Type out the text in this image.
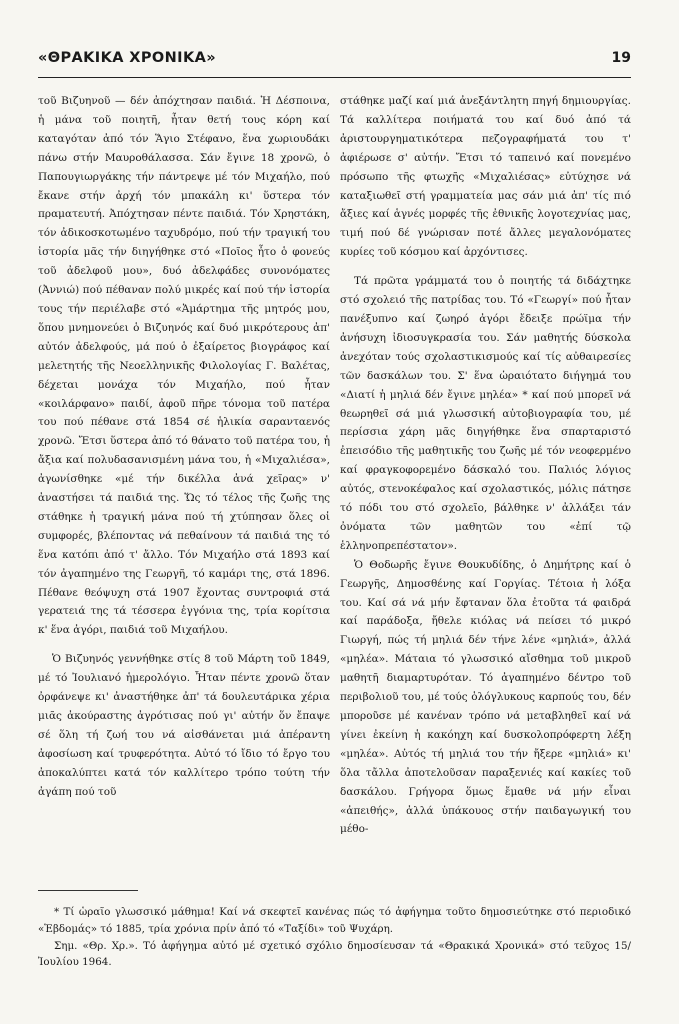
«ΘΡΑΚΙΚΑ ΧΡΟΝΙΚΑ»	19

τοῦ Βιζυηνοῦ — δέν ἀπόχτησαν παιδιά. Ἡ Δέσποινα, ἡ μάνα τοῦ ποιητῆ, ἦταν θετή τους κόρη καί καταγόταν ἀπό τόν Ἅγιο Στέφανο, ἕνα χωριουδάκι πάνω στήν Μαυροθάλασσα. Σάν ἔγινε 18 χρονῶ, ὁ Παπουγιωργάκης τήν πάντρεψε μέ τόν Μιχαήλο, πού ἔκανε στήν ἀρχή τόν μπακάλη κι' ὕστερα τόν πραματευτή. Ἀπόχτησαν πέντε παιδιά. Τόν Χρηστάκη, τόν ἀδικοσκοτωμένο ταχυδρόμο, πού τήν τραγική του ἱστορία μᾶς τήν διηγήθηκε στό «Ποῖος ἦτο ὁ φονεύς τοῦ ἀδελφοῦ μου», δυό ἀδελφάδες συνονόματες (Ἀννιώ) πού πέθαναν πολύ μικρές καί πού τήν ἱστορία τους τήν περιέλαβε στό «Ἁμάρτημα τῆς μητρός μου, ὅπου μνημονεύει ὁ Βιζυηνός καί δυό μικρότερους ἀπ' αὐτόν ἀδελφούς, μά πού ὁ ἐξαίρετος βιογράφος καί μελετητής τῆς Νεοελληνικῆς Φιλολογίας Γ. Βαλέτας, δέχεται μονάχα τόν Μιχαήλο, πού ἦταν «κοιλάρφανο» παιδί, ἀφοῦ πῆρε τόνομα τοῦ πατέρα του πού πέθανε στά 1854 σέ ἡλικία σαρανταενός χρονῶ. Ἔτσι ὕστερα ἀπό τό θάνατο τοῦ πατέρα του, ἡ ἄξια καί πολυδασανισμένη μάνα του, ἡ «Μιχαλιέσα», ἀγωνίσθηκε «μέ τήν δικέλλα ἀνά χεῖρας» ν' ἀναστήσει τά παιδιά της. Ὥς τό τέλος τῆς ζωῆς της στάθηκε ἡ τραγική μάνα πού τή χτύπησαν ὅλες οἱ συμφορές, βλέποντας νά πεθαίνουν τά παιδιά της τό ἕνα κατόπι ἀπό τ' ἄλλο. Τόν Μιχαήλο στά 1893 καί τόν ἀγαπημένο της Γεωργῆ, τό καμάρι της, στά 1896. Πέθανε θεόψυχη στά 1907 ἔχοντας συντροφιά στά γερατειά της τά τέσσερα ἐγγόνια της, τρία κορίτσια κ' ἕνα ἀγόρι, παιδιά τοῦ Μιχαήλου.

Ὁ Βιζυηνός γεννήθηκε στίς 8 τοῦ Μάρτη τοῦ 1849, μέ τό Ἰουλιανό ἡμερολόγιο. Ἦταν πέντε χρονῶ ὅταν ὀρφάνεψε κι' ἀναστήθηκε ἀπ' τά δουλευτάρικα χέρια μιᾶς ἀκούραστης ἀγρότισας πού γι' αὐτήν ὅν ἔπαψε σέ ὅλη τή ζωή του νά αἰσθάνεται μιά ἀπέραντη ἀφοσίωση καί τρυφερότητα. Αὐτό τό ἴδιο τό ἔργο του ἀποκαλύπτει κατά τόν καλλίτερο τρόπο τούτη τήν ἀγάπη πού τοῦ

στάθηκε μαζί καί μιά ἀνεξάντλητη πηγή δημιουργίας. Τά καλλίτερα ποιήματά του καί δυό ἀπό τά ἀριστουργηματικότερα πεζογραφήματά του τ' ἀφιέρωσε σ' αὐτήν. Ἔτσι τό ταπεινό καί πονεμένο πρόσωπο τῆς φτωχῆς «Μιχαλιέσας» εὐτύχησε νά καταξιωθεῖ στή γραμματεία μας σάν μιά ἀπ' τίς πιό ἄξιες καί ἁγνές μορφές τῆς ἐθνικῆς λογοτεχνίας μας, τιμή πού δέ γνώρισαν ποτέ ἄλλες μεγαλονόματες κυρίες τοῦ κόσμου καί ἀρχόντισες.

Τά πρῶτα γράμματά του ὁ ποιητής τά διδάχτηκε στό σχολειό τῆς πατρίδας του. Τό «Γεωργί» πού ἦταν πανέξυπνο καί ζωηρό ἀγόρι ἔδειξε πρώϊμα τήν ἀνήσυχη ἰδιοσυγκρασία του. Σάν μαθητής δύσκολα ἀνεχόταν τούς σχολαστικισμούς καί τίς αὐθαιρεσίες τῶν δασκάλων του. Σ' ἕνα ὡραιότατο διήγημά του «Διατί ἡ μηλιά δέν ἔγινε μηλέα» * καί πού μπορεῖ νά θεωρηθεῖ σά μιά γλωσσική αὐτοβιογραφία του, μέ περίσσια χάρη μᾶς διηγήθηκε ἕνα σπαρταριστό ἐπεισόδιο τῆς μαθητικῆς του ζωῆς μέ τόν νεοφερμένο καί φραγκοφορεμένο δάσκαλό του. Παλιός λόγιος αὐτός, στενοκέφαλος καί σχολαστικός, μόλις πάτησε τό πόδι του στό σχολεῖο, βάλθηκε ν' ἀλλάξει τάν ὀνόματα τῶν μαθητῶν του «ἐπί τῷ ἑλληνοπρεπέστατον».

Ὁ Θοδωρῆς ἔγινε Θουκυδίδης, ὁ Δημήτρης καί ὁ Γεωργῆς, Δημοσθένης καί Γοργίας. Τέτοια ἡ λόξα του. Καί σά νά μήν ἔφταναν ὅλα ἐτοῦτα τά φαιδρά καί παράδοξα, ἤθελε κιόλας νά πείσει τό μικρό Γιωργή, πώς τή μηλιά δέν τήνε λένε «μηλιά», ἀλλά «μηλέα». Μάταια τό γλωσσικό αἴσθημα τοῦ μικροῦ μαθητῆ διαμαρτυρόταν. Τό ἀγαπημένο δέντρο τοῦ περιβολιοῦ του, μέ τούς ὁλόγλυκους καρπούς του, δέν μποροῦσε μέ κανέναν τρόπο νά μεταβληθεῖ καί νά γίνει ἐκείνη ἡ κακόηχη καί δυσκολοπρόφερτη λέξη «μηλέα». Αὐτός τή μηλιά του τήν ἤξερε «μηλιά» κι' ὅλα τἄλλα ἀποτελοῦσαν παραξενιές καί κακίες τοῦ δασκάλου. Γρήγορα ὅμως ἔμαθε νά μήν εἶναι «ἀπειθής», ἀλλά ὑπάκουος στήν παιδαγωγική του μέθο-

* Τί ὡραῖο γλωσσικό μάθημα! Καί νά σκεφτεῖ κανένας πώς τό ἀφήγημα τοῦτο δημοσιεύτηκε στό περιοδικό «Ἑβδομάς» τό 1885, τρία χρόνια πρίν ἀπό τό «Ταξίδι» τοῦ Ψυχάρη.

Σημ. «Θρ. Χρ.». Τό ἀφήγημα αὐτό μέ σχετικό σχόλιο δημοσίευσαν τά «Θρακικά Χρονικά» στό τεῦχος 15/ Ἰουλίου 1964.
